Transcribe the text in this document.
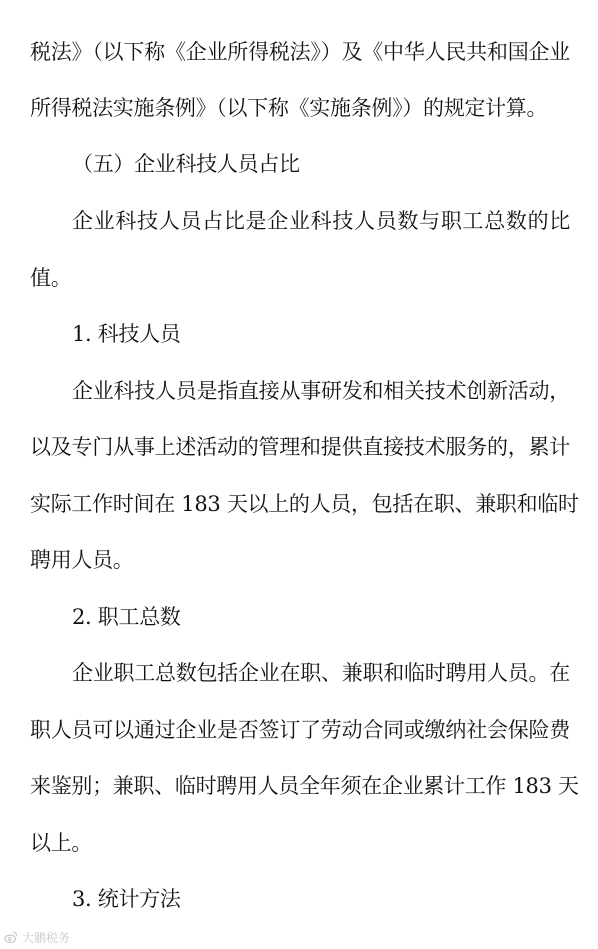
税法》（以下称《企业所得税法》）及《中华人民共和国企业
所得税法实施条例》（以下称《实施条例》）的规定计算。
（五）企业科技人员占比
企业科技人员占比是企业科技人员数与职工总数的比
值。
1. 科技人员
企业科技人员是指直接从事研发和相关技术创新活动，
以及专门从事上述活动的管理和提供直接技术服务的，累计
实际工作时间在 183 天以上的人员，包括在职、兼职和临时
聘用人员。
2. 职工总数
企业职工总数包括企业在职、兼职和临时聘用人员。在
职人员可以通过企业是否签订了劳动合同或缴纳社会保险费
来鉴别；兼职、临时聘用人员全年须在企业累计工作 183 天
以上。
3. 统计方法
大鹏税务
